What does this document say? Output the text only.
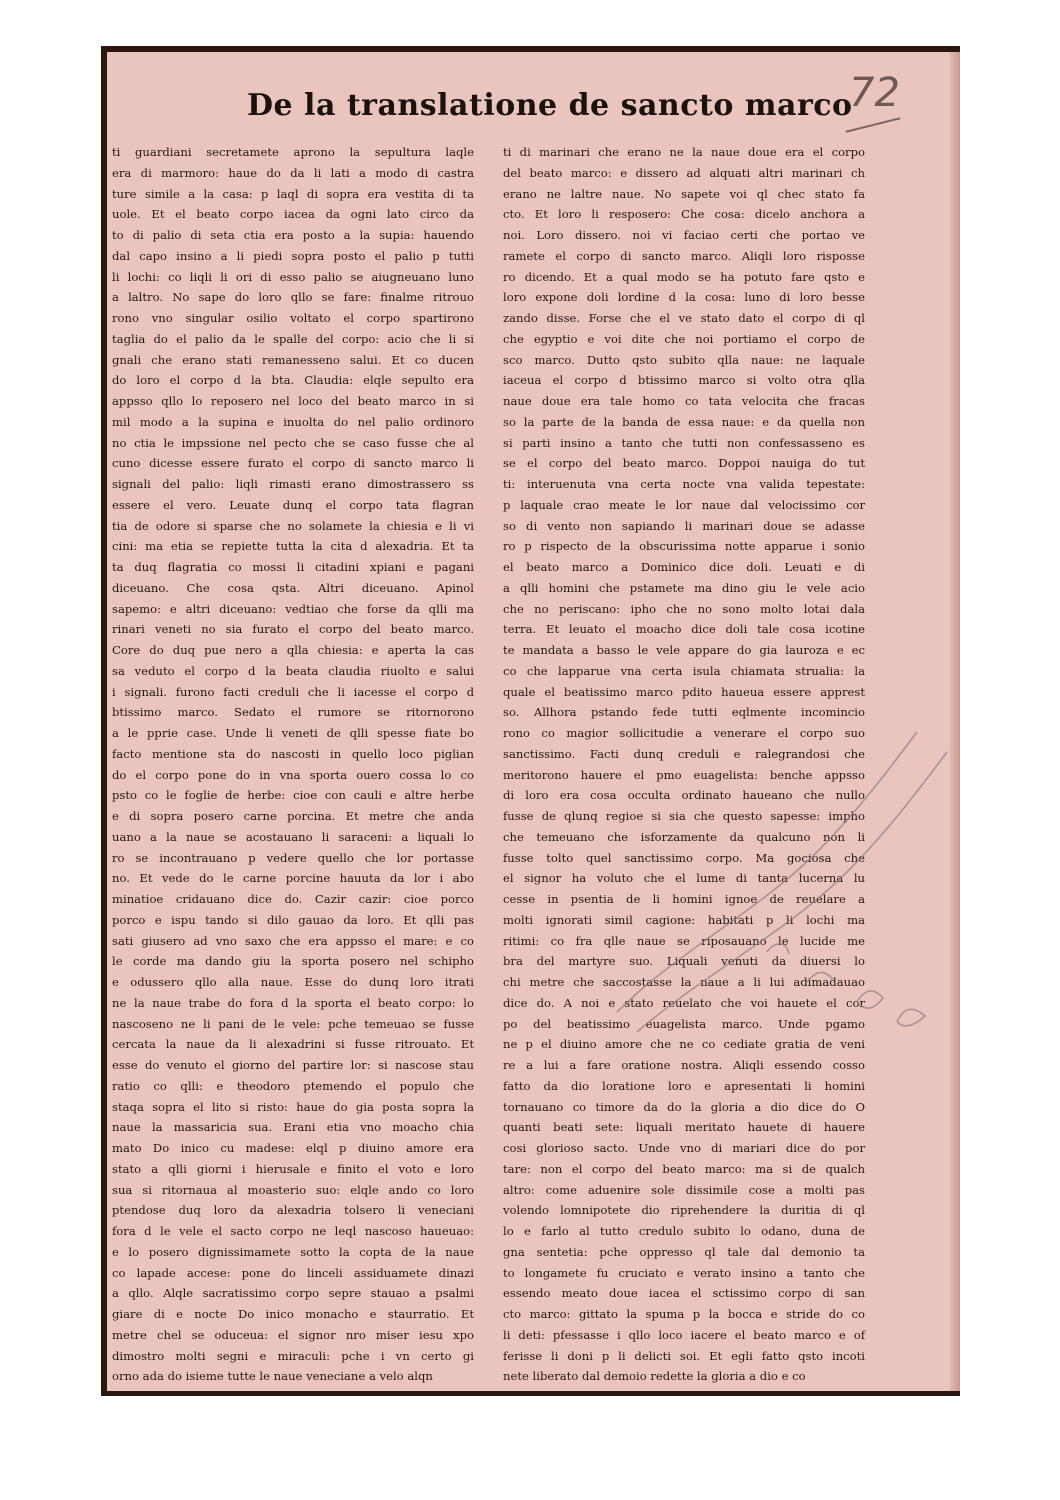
De la translatione de sancto marco
72
ti guardiani secretamete aprono la sepultura laqle
era di marmoro: haue do da li lati a modo di castra
ture simile a la casa: p laql di sopra era vestita di ta
uole. Et el beato corpo iacea da ogni lato circo da
to di palio di seta ctia era posto a la supia: hauendo
dal capo insino a li piedi sopra posto el palio p tutti
li lochi: co liqli li ori di esso palio se aiugneuano luno
a laltro. No sape do loro qllo se fare: finalme ritrouo
rono vno singular osilio voltato el corpo spartirono
taglia do el palio da le spalle del corpo: acio che li si
gnali che erano stati remanesseno salui. Et co ducen
do loro el corpo d la bta. Claudia: elqle sepulto era
appsso qllo lo reposero nel loco del beato marco in si
mil modo a la supina e inuolta do nel palio ordinoro
no ctia le impssione nel pecto che se caso fusse che al
cuno dicesse essere furato el corpo di sancto marco li
signali del palio: liqli rimasti erano dimostrassero ss
essere el vero. Leuate dunq el corpo tata flagran
tia de odore si sparse che no solamete la chiesia e li vi
cini: ma etia se repiette tutta la cita d alexadria. Et ta
ta duq flagratia co mossi li citadini xpiani e pagani
diceuano. Che cosa qsta. Altri diceuano. Apinol
sapemo: e altri diceuano: vedtiao che forse da qlli ma
rinari veneti no sia furato el corpo del beato marco.
Core do duq pue nero a qlla chiesia: e aperta la cas
sa veduto el corpo d la beata claudia riuolto e salui
i signali. furono facti creduli che li iacesse el corpo d
btissimo marco. Sedato el rumore se ritornorono
a le pprie case. Unde li veneti de qlli spesse fiate bo
facto mentione sta do nascosti in quello loco piglian
do el corpo pone do in vna sporta ouero cossa lo co
psto co le foglie de herbe: cioe con cauli e altre herbe
e di sopra posero carne porcina. Et metre che anda
uano a la naue se acostauano li saraceni: a liquali lo
ro se incontrauano p vedere quello che lor portasse
no. Et vede do le carne porcine hauuta da lor i abo
minatioe cridauano dice do. Cazir cazir: cioe porco
porco e ispu tando si dilo gauao da loro. Et qlli pas
sati giusero ad vno saxo che era appsso el mare: e co
le corde ma dando giu la sporta posero nel schipho
e odussero qllo alla naue. Esse do dunq loro itrati
ne la naue trabe do fora d la sporta el beato corpo: lo
nascoseno ne li pani de le vele: pche temeuao se fusse
cercata la naue da li alexadrini si fusse ritrouato. Et
esse do venuto el giorno del partire lor: si nascose stau
ratio co qlli: e theodoro ptemendo el populo che
staqa sopra el lito si risto: haue do gia posta sopra la
naue la massaricia sua. Erani etia vno moacho chia
mato Do inico cu madese: elql p diuino amore era
stato a qlli giorni i hierusale e finito el voto e loro
sua si ritornaua al moasterio suo: elqle ando co loro
ptendose duq loro da alexadria tolsero li veneciani
fora d le vele el sacto corpo ne leql nascoso haueuao:
e lo posero dignissimamete sotto la copta de la naue
co lapade accese: pone do linceli assiduamete dinazi
a qllo. Alqle sacratissimo corpo sepre stauao a psalmi
giare di e nocte Do inico monacho e staurratio. Et
metre chel se oduceua: el signor nro miser iesu xpo
dimostro molti segni e miraculi: pche i vn certo gi
orno ada do isieme tutte le naue veneciane a velo alqn
ti di marinari che erano ne la naue doue era el corpo
del beato marco: e dissero ad alquati altri marinari ch
erano ne laltre naue. No sapete voi ql chec stato fa
cto. Et loro li resposero: Che cosa: dicelo anchora a
noi. Loro dissero. noi vi faciao certi che portao ve
ramete el corpo di sancto marco. Aliqli loro risposse
ro dicendo. Et a qual modo se ha potuto fare qsto e
loro expone doli lordine d la cosa: luno di loro besse
zando disse. Forse che el ve stato dato el corpo di ql
che egyptio e voi dite che noi portiamo el corpo de
sco marco. Dutto qsto subito qlla naue: ne laquale
iaceua el corpo d btissimo marco si volto otra qlla
naue doue era tale homo co tata velocita che fracas
so la parte de la banda de essa naue: e da quella non
si parti insino a tanto che tutti non confessasseno es
se el corpo del beato marco. Doppoi nauiga do tut
ti: interuenuta vna certa nocte vna valida tepestate:
p laquale crao meate le lor naue dal velocissimo cor
so di vento non sapiando li marinari doue se adasse
ro p rispecto de la obscurissima notte apparue i sonio
el beato marco a Dominico dice doli. Leuati e di
a qlli homini che pstamete ma dino giu le vele acio
che no periscano: ipho che no sono molto lotai dala
terra. Et leuato el moacho dice doli tale cosa icotine
te mandata a basso le vele appare do gia lauroza e ec
co che lapparue vna certa isula chiamata strualia: la
quale el beatissimo marco pdito haueua essere apprest
so. Allhora pstando fede tutti eqlmente incomincio
rono co magior sollicitudie a venerare el corpo suo
sanctissimo. Facti dunq creduli e ralegrandosi che
meritorono hauere el pmo euagelista: benche appsso
di loro era cosa occulta ordinato haueano che nullo
fusse de qlunq regioe si sia che questo sapesse: impho
che temeuano che isforzamente da qualcuno non li
fusse tolto quel sanctissimo corpo. Ma gociosa che
el signor ha voluto che el lume di tanta lucerna lu
cesse in psentia de li homini ignoe de reuelare a
molti ignorati simil cagione: habitati p li lochi ma
ritimi: co fra qlle naue se riposauano le lucide me
bra del martyre suo. Liquali venuti da diuersi lo
chi metre che saccostasse la naue a li lui adimadauao
dice do. A noi e stato reuelato che voi hauete el cor
po del beatissimo euagelista marco. Unde pgamo
ne p el diuino amore che ne co cediate gratia de veni
re a lui a fare oratione nostra. Aliqli essendo cosso
fatto da dio loratione loro e apresentati li homini
tornauano co timore da do la gloria a dio dice do O
quanti beati sete: liquali meritato hauete di hauere
cosi glorioso sacto. Unde vno di mariari dice do por
tare: non el corpo del beato marco: ma si de qualch
altro: come aduenire sole dissimile cose a molti pas
volendo lomnipotete dio riprehendere la duritia di ql
lo e farlo al tutto credulo subito lo odano, duna de
gna sentetia: pche oppresso ql tale dal demonio ta
to longamete fu cruciato e verato insino a tanto che
essendo meato doue iacea el sctissimo corpo di san
cto marco: gittato la spuma p la bocca e stride do co
li deti: pfessasse i qllo loco iacere el beato marco e of
ferisse li doni p li delicti soi. Et egli fatto qsto incoti
nete liberato dal demoio redette la gloria a dio e co
